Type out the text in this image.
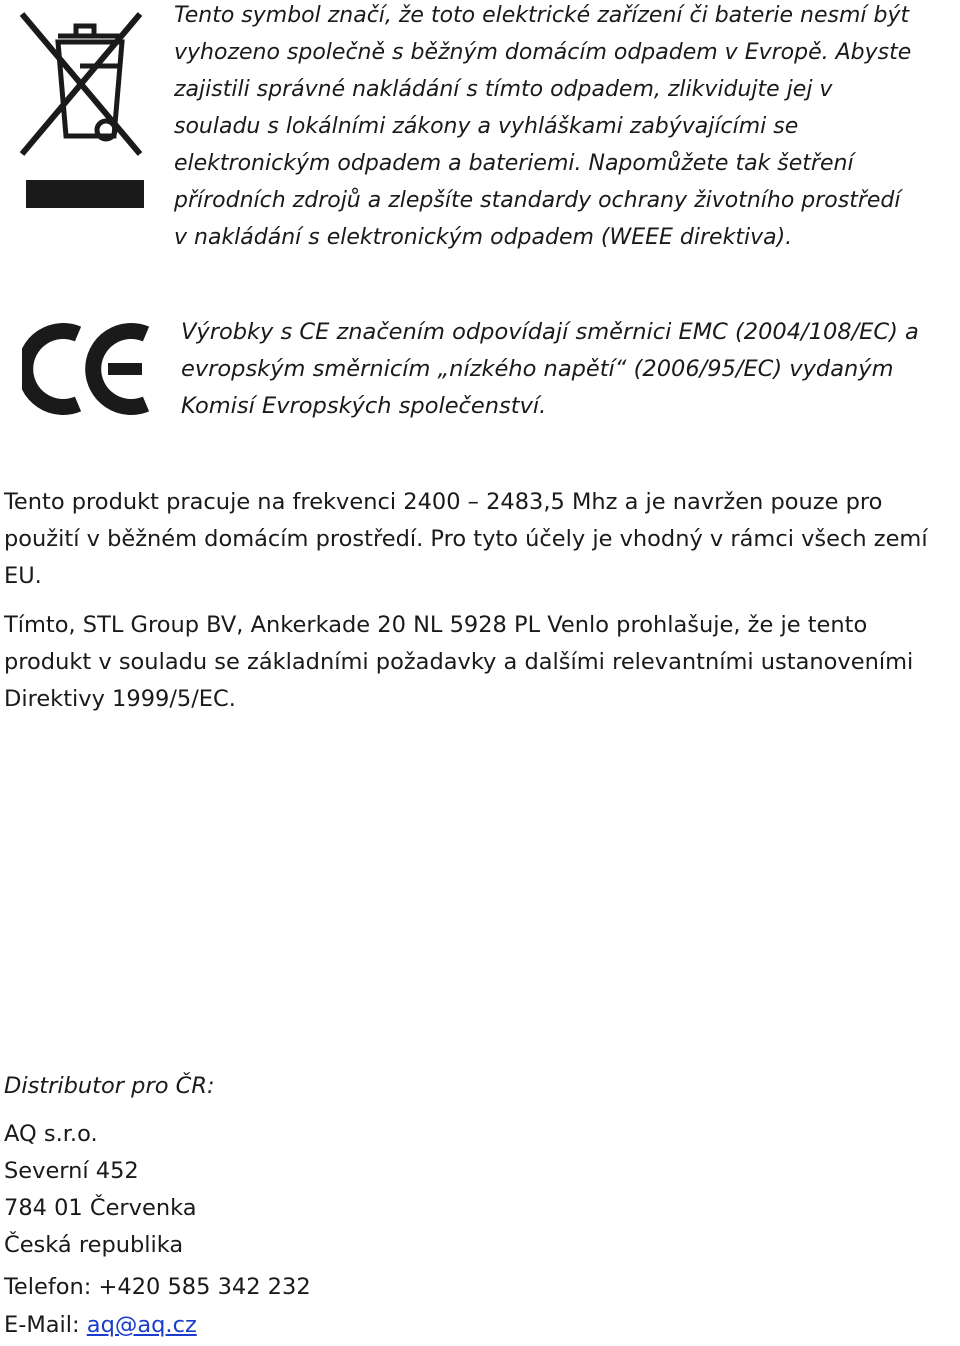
Tento symbol značí, že toto elektrické zařízení či baterie nesmí být
vyhozeno společně s běžným domácím odpadem v Evropě. Abyste
zajistili správné nakládání s tímto odpadem, zlikvidujte jej v
souladu s lokálními zákony a vyhláškami zabývajícími se
elektronickým odpadem a bateriemi. Napomůžete tak šetření
přírodních zdrojů a zlepšíte standardy ochrany životního prostředí
v nakládání s elektronickým odpadem (WEEE direktiva).
Výrobky s CE značením odpovídají směrnici EMC (2004/108/EC) a
evropským směrnicím „nízkého napětí“ (2006/95/EC) vydaným
Komisí Evropských společenství.
Tento produkt pracuje na frekvenci 2400 – 2483,5 Mhz a je navržen pouze pro
použití v běžném domácím prostředí. Pro tyto účely je vhodný v rámci všech zemí
EU.
Tímto, STL Group BV, Ankerkade 20 NL 5928 PL Venlo prohlašuje, že je tento
produkt v souladu se základními požadavky a dalšími relevantními ustanoveními
Direktivy 1999/5/EC.
Distributor pro ČR:
AQ s.r.o.
Severní 452
784 01 Červenka
Česká republika
Telefon: +420 585 342 232
E-Mail: aq@aq.cz
